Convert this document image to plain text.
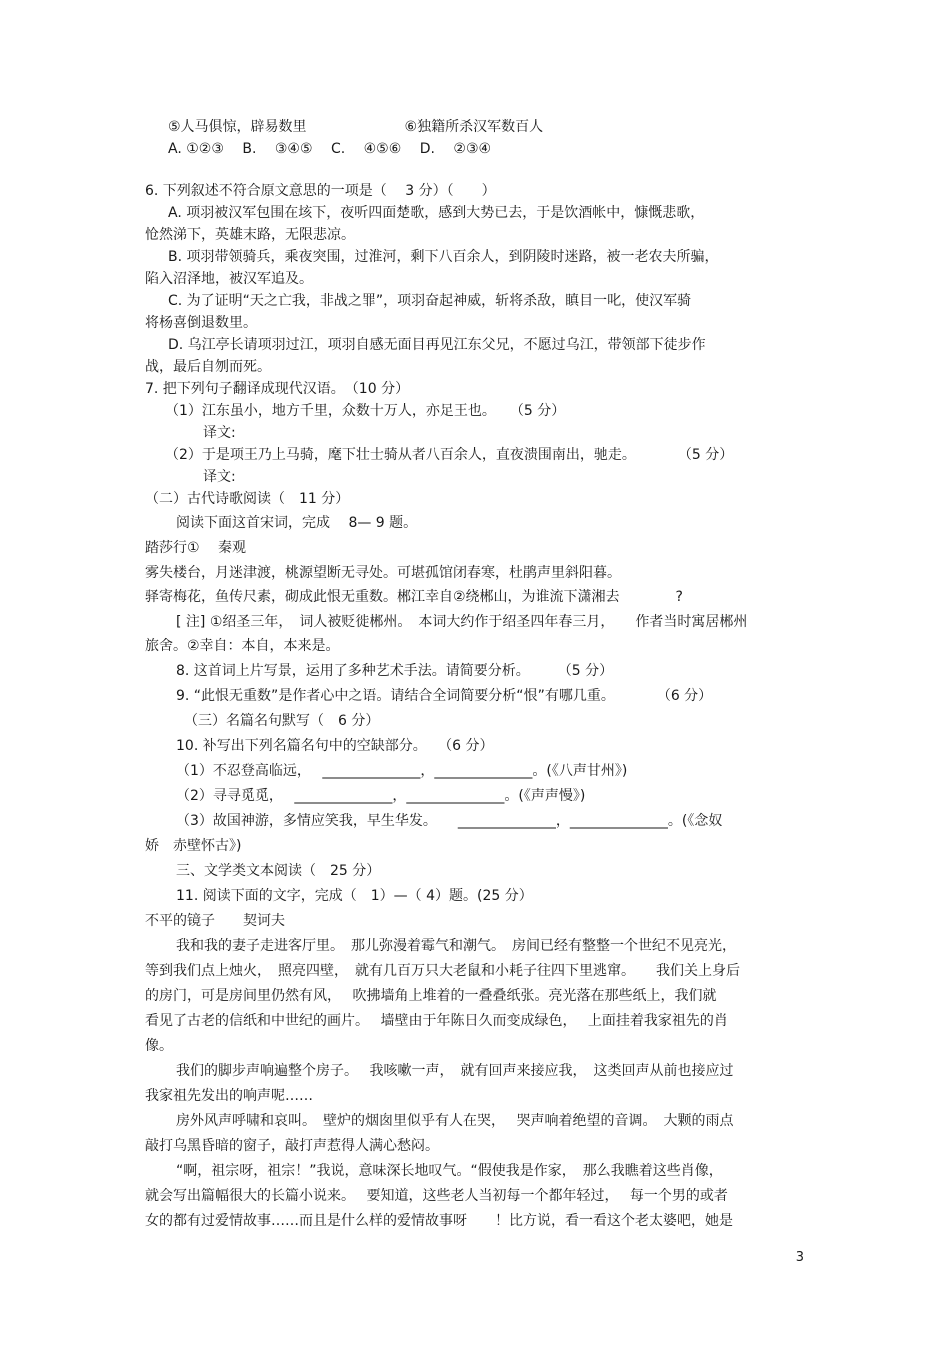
⑤人马俱惊，辟易数里　　　　　　　⑥独籍所杀汉军数百人
A. ①②③　 B.　 ③④⑤　 C.　 ④⑤⑥　 D.　 ②③④
6. 下列叙述不符合原文意思的一项是（　 3 分）（　　）
A. 项羽被汉军包围在垓下，夜听四面楚歌，感到大势已去，于是饮酒帐中，慷慨悲歌，
怆然涕下，英雄末路，无限悲凉。
B. 项羽带领骑兵，乘夜突围，过淮河，剩下八百余人，到阴陵时迷路，被一老农夫所骗，
陷入沼泽地，被汉军追及。
C. 为了证明“天之亡我，非战之罪”，项羽奋起神威，斩将杀敌，瞋目一叱，使汉军骑
将杨喜倒退数里。
D. 乌江亭长请项羽过江，项羽自感无面目再见江东父兄，不愿过乌江，带领部下徒步作
战，最后自刎而死。
7. 把下列句子翻译成现代汉语。　（10 分）
（1）江东虽小，地方千里，众数十万人，亦足王也。　　（5 分）
译文:
（2）于是项王乃上马骑，麾下壮士骑从者八百余人，直夜溃围南出，驰走。　　　　（5 分）
译文:
（二）古代诗歌阅读（　11 分）
阅读下面这首宋词，完成　 8— 9 题。
踏莎行①　 秦观
雾失楼台，月迷津渡，桃源望断无寻处。可堪孤馆闭春寒，杜鹃声里斜阳暮。
驿寄梅花，鱼传尺素，砌成此恨无重数。郴江幸自②绕郴山，为谁流下潇湘去　　　　?
[ 注] ①绍圣三年，　词人被贬徙郴州。　本词大约作于绍圣四年春三月，　　作者当时寓居郴州
旅舍。②幸自：本自，本来是。
8. 这首词上片写景，运用了多种艺术手法。请简要分析。　　　（5 分）
9. “此恨无重数”是作者心中之语。请结合全词简要分析“恨”有哪几重。　　　　（6 分）
（三）名篇名句默写（　6 分）
10. 补写出下列名篇名句中的空缺部分。　 （6 分）
（1）不忍登高临远，　 ______________，______________。(《八声甘州》)
（2）寻寻觅觅，　 ______________，______________。(《声声慢》)
（3）故国神游，多情应笑我，早生华发。　　______________，______________。(《念奴
娇　赤壁怀古》)
三、文学类文本阅读（　25 分）
11. 阅读下面的文字，完成（　1）—（ 4）题。(25 分）
不平的镜子　　契诃夫
我和我的妻子走进客厅里。　那儿弥漫着霉气和潮气。　房间已经有整整一个世纪不见亮光，
等到我们点上烛火，　照亮四壁，　就有几百万只大老鼠和小耗子往四下里逃窜。　　我们关上身后
的房门，可是房间里仍然有风，　 吹拂墙角上堆着的一叠叠纸张。亮光落在那些纸上，我们就
看见了古老的信纸和中世纪的画片。　 墙壁由于年陈日久而变成绿色，　 上面挂着我家祖先的肖
像。
我们的脚步声响遍整个房子。　 我咳嗽一声，　就有回声来接应我，　这类回声从前也接应过
我家祖先发出的响声呢……
房外风声呼啸和哀叫。　壁炉的烟囱里似乎有人在哭，　 哭声响着绝望的音调。　大颗的雨点
敲打乌黑昏暗的窗子，敲打声惹得人满心愁闷。
“啊，祖宗呀，祖宗！”我说，意味深长地叹气。“假使我是作家，　那么我瞧着这些肖像，
就会写出篇幅很大的长篇小说来。　 要知道，这些老人当初每一个都年轻过，　 每一个男的或者
女的都有过爱情故事……而且是什么样的爱情故事呀　　！比方说，看一看这个老太婆吧，她是
3
